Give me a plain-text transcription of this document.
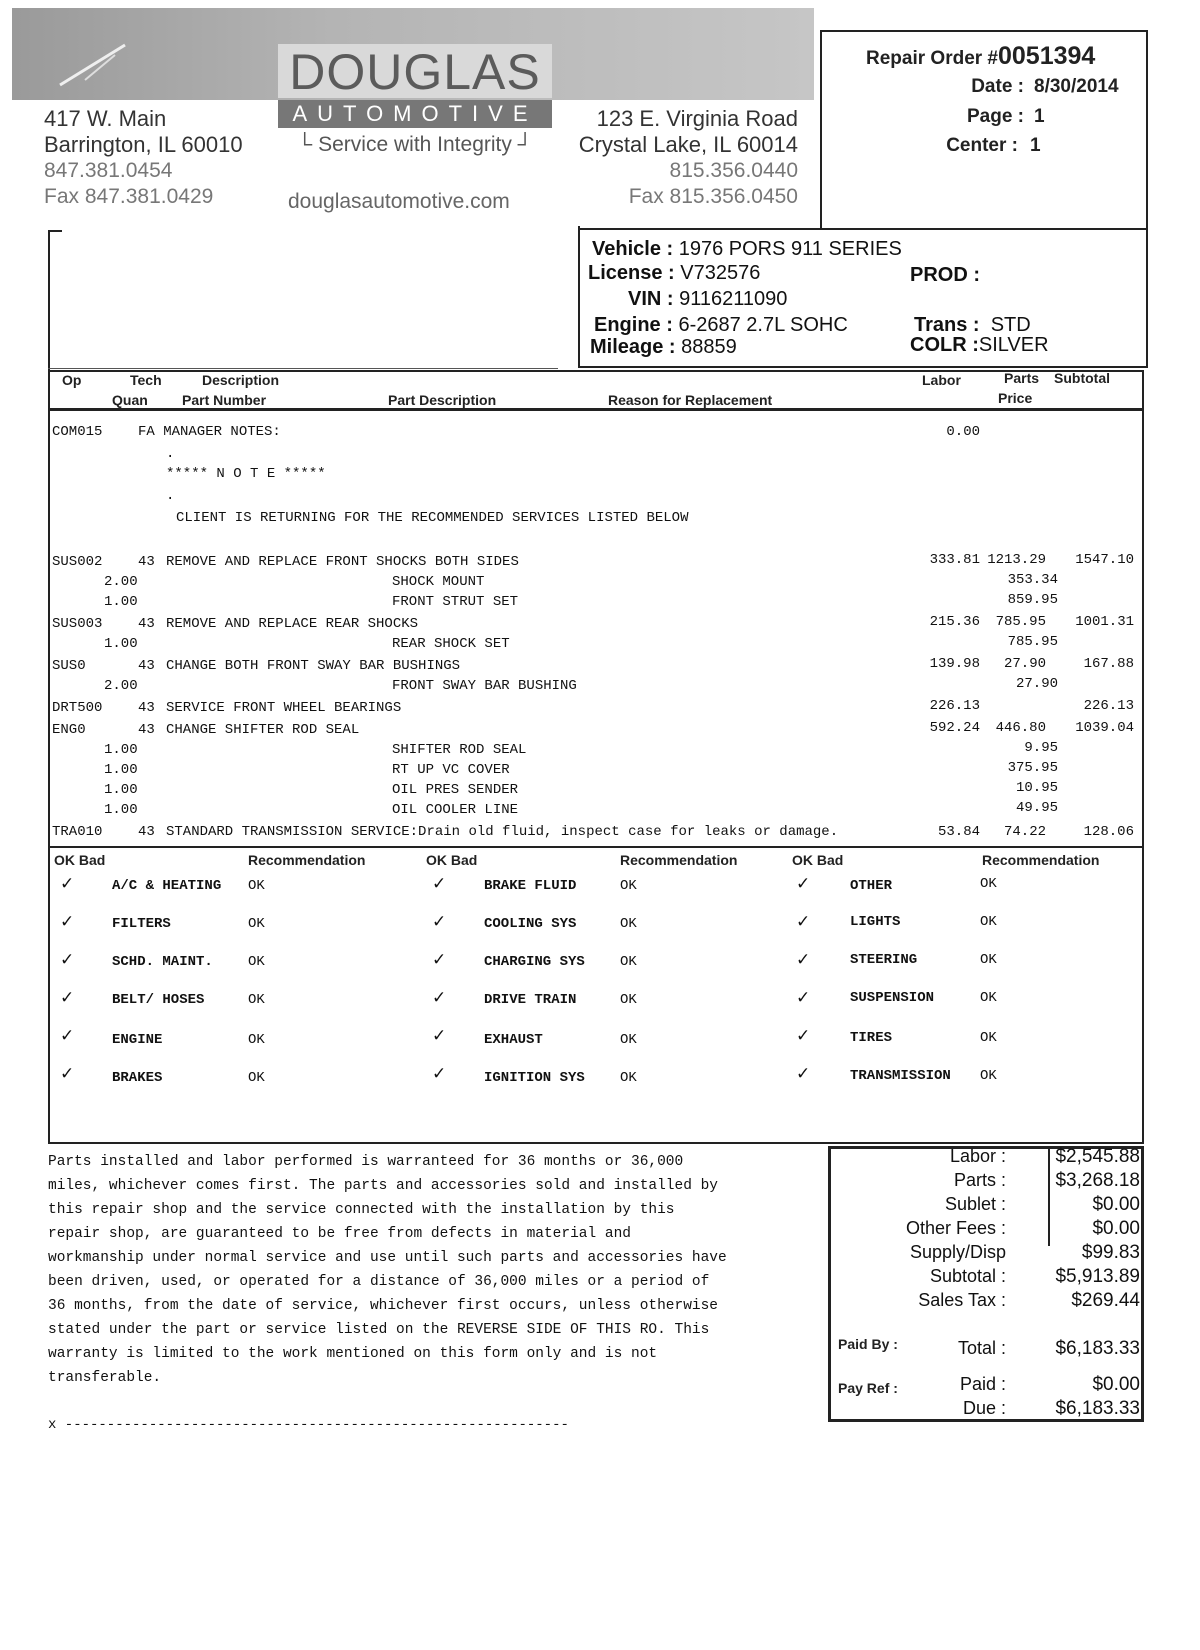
DOUGLAS
AUTOMOTIVE
└ Service with Integrity ┘
417 W. Main
Barrington, IL 60010
847.381.0454
Fax 847.381.0429	douglasautomotive.com
123 E. Virginia Road
Crystal Lake, IL 60014
815.356.0440
Fax 815.356.0450
Repair Order #0051394
Date : 8/30/2014
Page : 1
Center : 1
Vehicle : 1976 PORS 911 SERIES
License : V732576
VIN : 9116211090
Engine : 6-2687 2.7L SOHC
Mileage : 88859
PROD :
Trans : STD
COLR :SILVER
Op	Tech	Description	Labor	Parts Subtotal
Quan Part Number	Part Description	Reason for Replacement	Price
COM015	FA MANAGER NOTES:	0.00
.
***** N O T E *****
.
CLIENT IS RETURNING FOR THE RECOMMENDED SERVICES LISTED BELOW
SUS002	43 REMOVE AND REPLACE FRONT SHOCKS BOTH SIDES	333.81 1213.29	1547.10
2.00	SHOCK MOUNT	353.34
1.00	FRONT STRUT SET	859.95
SUS003	43 REMOVE AND REPLACE REAR SHOCKS	215.36	785.95	1001.31
1.00	REAR SHOCK SET	785.95
SUS0	43 CHANGE BOTH FRONT SWAY BAR BUSHINGS	139.98	27.90	167.88
2.00	FRONT SWAY BAR BUSHING	27.90
DRT500	43 SERVICE FRONT WHEEL BEARINGS	226.13	226.13
ENG0	43 CHANGE SHIFTER ROD SEAL	592.24	446.80	1039.04
1.00	SHIFTER ROD SEAL	9.95
1.00	RT UP VC COVER	375.95
1.00	OIL PRES SENDER	10.95
1.00	OIL COOLER LINE	49.95
TRA010	43 STANDARD TRANSMISSION SERVICE:Drain old fluid, inspect case for leaks or damage.	53.84	74.22	128.06
OK Bad	Recommendation	OK Bad	Recommendation	OK Bad	Recommendation
✓	A/C & HEATING OK
✓	FILTERS	OK
✓	SCHD. MAINT.	OK
✓	BELT/ HOSES	OK
✓	ENGINE	OK
✓	BRAKES	OK
✓	BRAKE FLUID	OK
✓	COOLING SYS	OK
✓	CHARGING SYS	OK
✓	DRIVE TRAIN	OK
✓	EXHAUST	OK
✓	IGNITION SYS	OK
✓	OTHER	OK
✓	LIGHTS	OK
✓	STEERING	OK
✓	SUSPENSION	OK
✓	TIRES	OK
✓	TRANSMISSION OK
Parts installed and labor performed is warranteed for 36 months or 36,000
miles, whichever comes first. The parts and accessories sold and installed by
this repair shop and the service connected with the installation by this
repair shop, are guaranteed to be free from defects in material and
workmanship under normal service and use until such parts and accessories have
been driven, used, or operated for a distance of 36,000 miles or a period of
36 months, from the date of service, whichever first occurs, unless otherwise
stated under the part or service listed on the REVERSE SIDE OF THIS RO. This
warranty is limited to the work mentioned on this form only and is not
transferable.
x ------------------------------------------------------------
Labor :	$2,545.88
Parts :	$3,268.18
Sublet :	$0.00
Other Fees :	$0.00
Supply/Disp	$99.83
Subtotal :	$5,913.89
Sales Tax :	$269.44
Paid By :	Total :	$6,183.33
Pay Ref :	Paid :	$0.00
Due :	$6,183.33
